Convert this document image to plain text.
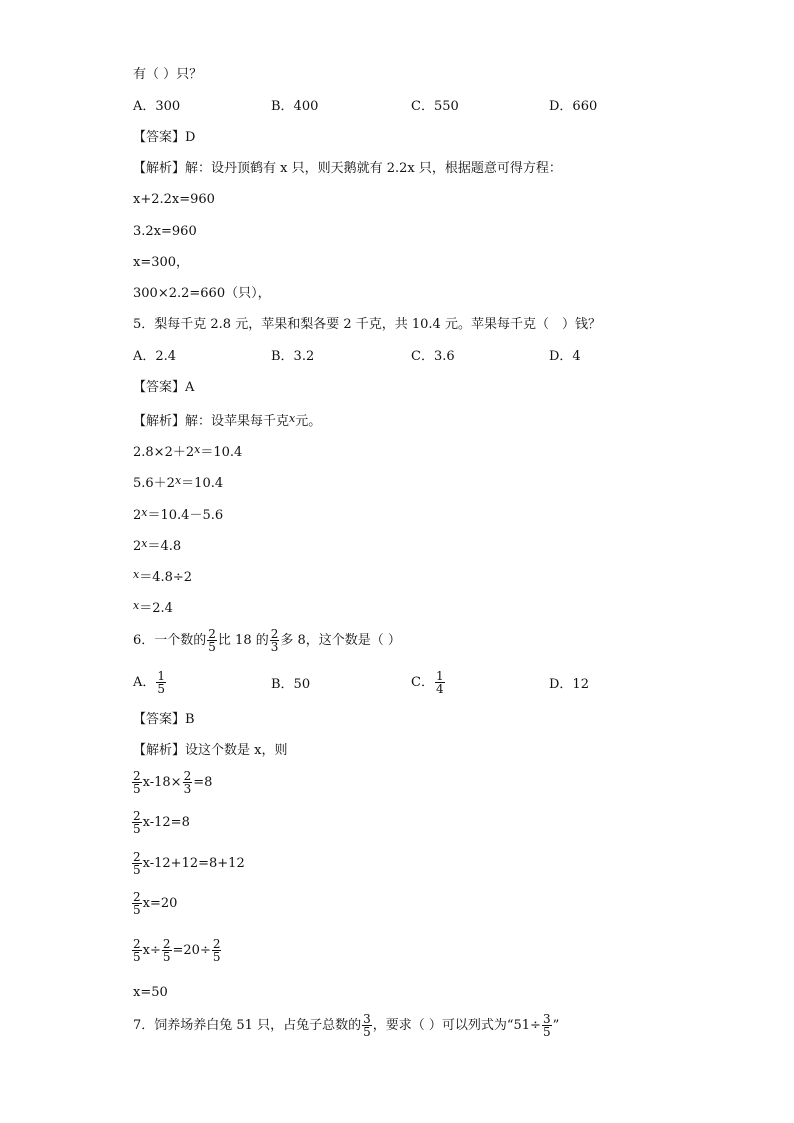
有（ ）只？
A．300	B．400	C．550	D．660
【答案】D
【解析】解：设丹顶鹤有 x 只，则天鹅就有 2.2x 只，根据题意可得方程：
x+2.2x=960
3.2x=960
x=300，
300×2.2=660（只），
5．梨每千克 2.8 元，苹果和梨各要 2 千克，共 10.4 元。苹果每千克（　）钱？
A．2.4	B．3.2	C．3.6	D．4
【答案】A
【解析】解：设苹果每千克$^x$元。
$2.8\times 2+2^x=10.4$
$5.6+2^x=10.4$
$2^x=10.4-5.6$
$2^x=4.8$
$^x$＝4.8÷2
$^x$＝2.4
6．一个数的 $\frac{2}{5}$ 比 18 的 $\frac{2}{3}$ 多 8，这个数是（ ）
A． $\frac{1}{5}$	B．50	C． $\frac{1}{4}$	D．12
【答案】B
【解析】设这个数是 x，则
$\frac{2}{5} x-18\times \frac{2}{3} =8$
$\frac{2}{5} x-12=8$
$\frac{2}{5} x-12+12=8+12$
$\frac{2}{5} x=20$
$\frac{2}{5} x\div \frac{2}{5} =20\div \frac{2}{5}$
x=50
7．饲养场养白兔 51 只，占兔子总数的 $\frac{3}{5}$ ，要求（ ）可以列式为“$51\div \frac{3}{5}$ ”
